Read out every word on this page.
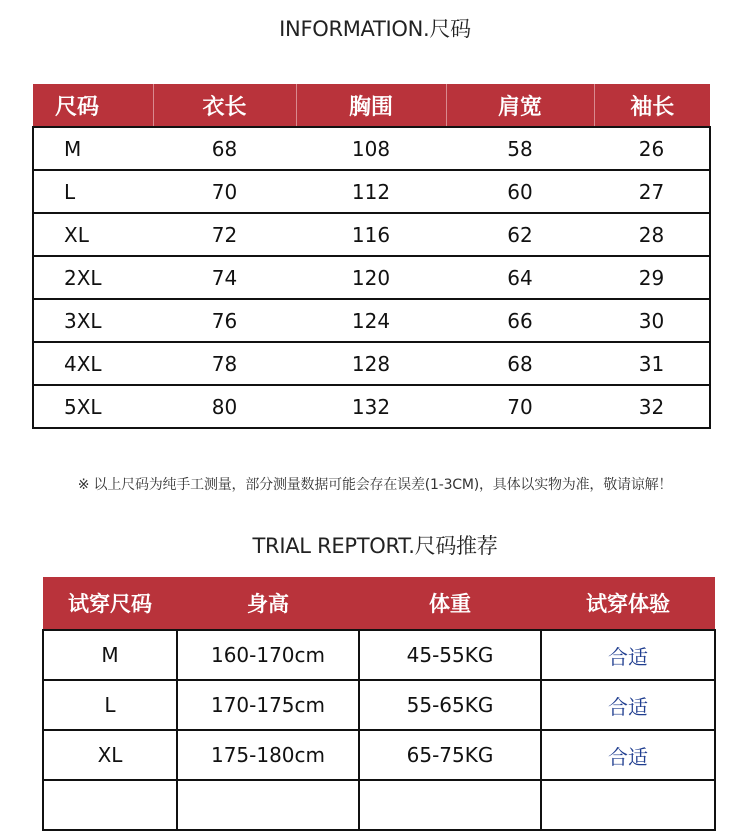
INFORMATION.尺码
尺码	衣长	胸围	肩宽	袖长
M	68	108	58	26
L	70	112	60	27
XL	72	116	62	28
2XL	74	120	64	29
3XL	76	124	66	30
4XL	78	128	68	31
5XL	80	132	70	32
※ 以上尺码为纯手工测量，部分测量数据可能会存在误差(1-3CM)，具体以实物为准，敬请谅解！
TRIAL REPTORT.尺码推荐
试穿尺码	身高	体重	试穿体验
M	160-170cm	45-55KG	合适
L	170-175cm	55-65KG	合适
XL	175-180cm	65-75KG	合适
